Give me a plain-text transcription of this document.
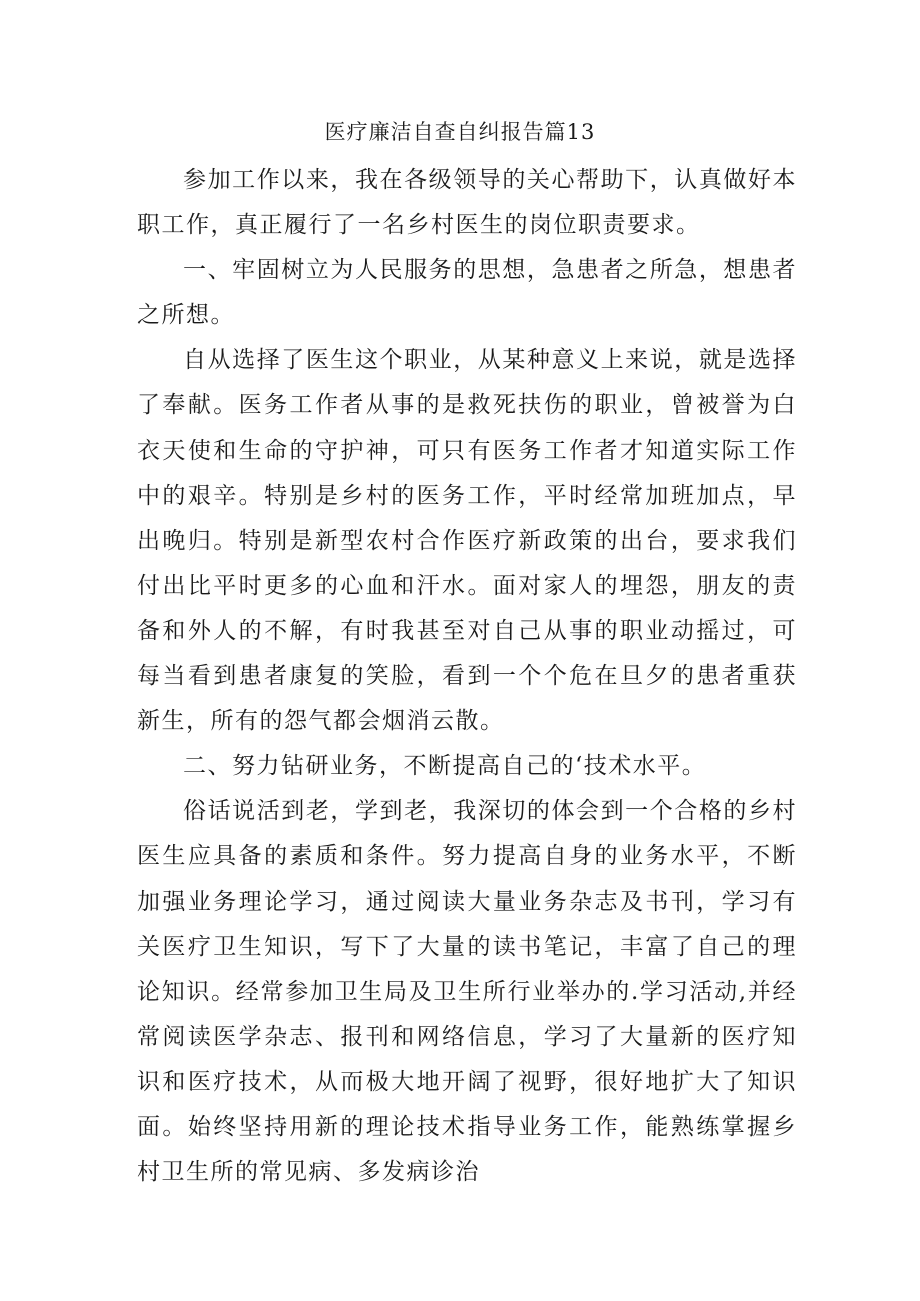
医疗廉洁自查自纠报告篇13

参加工作以来，我在各级领导的关心帮助下，认真做好本职工作，真正履行了一名乡村医生的岗位职责要求。

一、牢固树立为人民服务的思想，急患者之所急，想患者之所想。

自从选择了医生这个职业，从某种意义上来说，就是选择了奉献。医务工作者从事的是救死扶伤的职业，曾被誉为白衣天使和生命的守护神，可只有医务工作者才知道实际工作中的艰辛。特别是乡村的医务工作，平时经常加班加点，早出晚归。特别是新型农村合作医疗新政策的出台，要求我们付出比平时更多的心血和汗水。面对家人的埋怨，朋友的责备和外人的不解，有时我甚至对自己从事的职业动摇过，可每当看到患者康复的笑脸，看到一个个危在旦夕的患者重获新生，所有的怨气都会烟消云散。

二、努力钻研业务，不断提高自己的‘技术水平。

俗话说活到老，学到老，我深切的体会到一个合格的乡村医生应具备的素质和条件。努力提高自身的业务水平，不断加强业务理论学习，通过阅读大量业务杂志及书刊，学习有关医疗卫生知识，写下了大量的读书笔记，丰富了自己的理论知识。经常参加卫生局及卫生所行业举办的.学习活动,并经常阅读医学杂志、报刊和网络信息，学习了大量新的医疗知识和医疗技术，从而极大地开阔了视野，很好地扩大了知识面。始终坚持用新的理论技术指导业务工作，能熟练掌握乡村卫生所的常见病、多发病诊治
